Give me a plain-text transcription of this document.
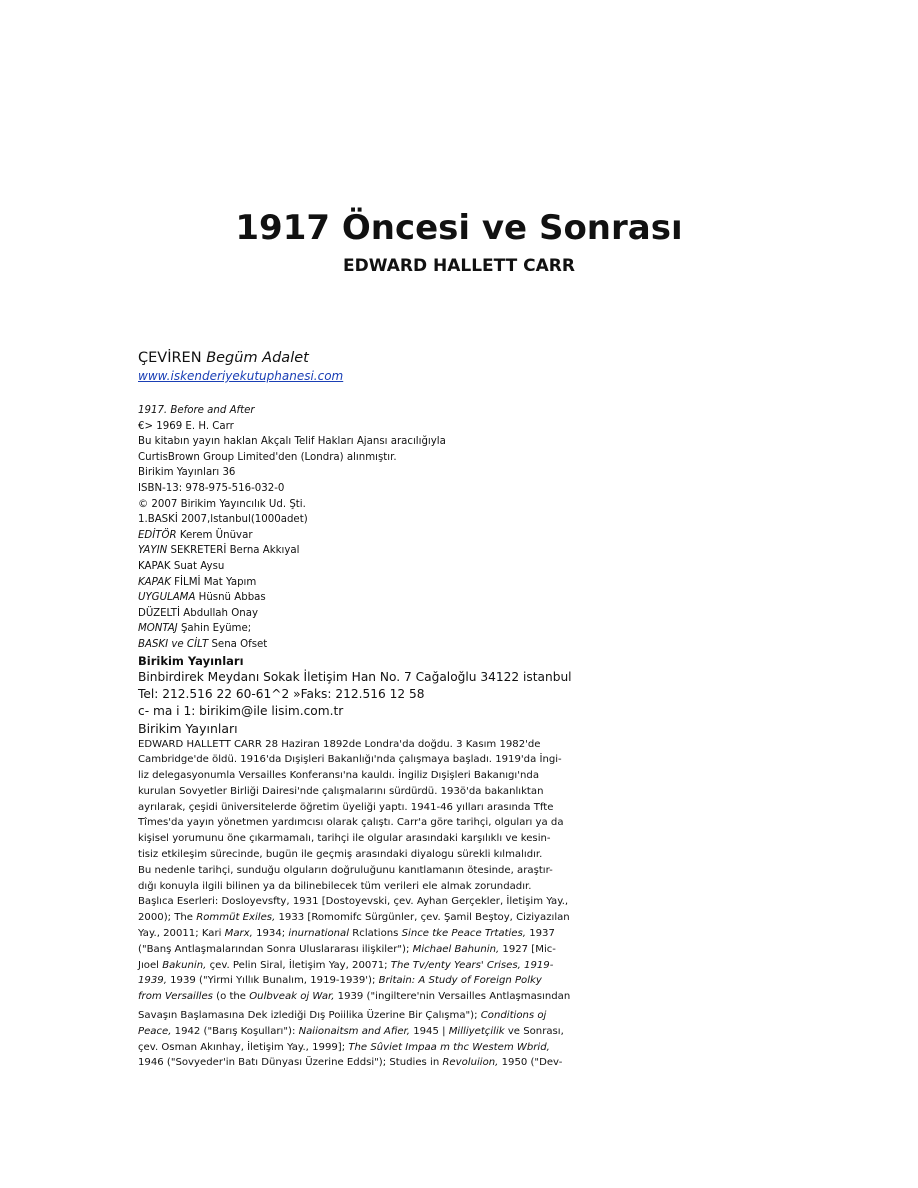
1917 Öncesi ve Sonrası
EDWARD HALLETT CARR
ÇEVİREN Begüm Adalet
www.iskenderiyekutuphanesi.com
1917. Before and After
€> 1969 E. H. Carr
Bu kitabın yayın haklan Akçalı Telif Hakları Ajansı aracılığıyla
CurtisBrown Group Limited'den (Londra) alınmıştır.
Birikim Yayınları 36
ISBN-13: 978-975-516-032-0
© 2007 Birikim Yayıncılık Ud. Şti.
1.BASKİ 2007,lstanbul(1000adet)
EDİTÖR Kerem Ünüvar
YAYIN SEKRETERİ Berna Akkıyal
KAPAK Suat Aysu
KAPAK FİLMİ Mat Yapım
UYGULAMA Hüsnü Abbas
DÜZELTİ Abdullah Onay
MONTAJ Şahin Eyüme;
BASKI ve CİLT Sena Ofset
Birikim Yayınları
Binbirdirek Meydanı Sokak İletişim Han No. 7 Cağaloğlu 34122 istanbul
Tel: 212.516 22 60-61^2 »Faks: 212.516 12 58
c- ma i 1: birikim@ile lisim.com.tr
Birikim Yayınları
EDWARD HALLETT CARR 28 Haziran 1892de Londra'da doğdu. 3 Kasım 1982'de
Cambridge'de öldü. 1916'da Dışişleri Bakanlığı'nda çalışmaya başladı. 1919'da İngi-
liz delegasyonumla Versailles Konferansı'na kauldı. İngiliz Dışişleri Bakanıgı'nda
kurulan Sovyetler Birliği Dairesi'nde çalışmalarını sürdürdü. 193ö'da bakanlıktan
ayrılarak, çeşidi üniversitelerde öğretim üyeliği yaptı. 1941-46 yılları arasında Tfte
Tîmes'da yayın yönetmen yardımcısı olarak çalıştı. Carr'a göre tarihçi, olguları ya da
kişisel yorumunu öne çıkarmamalı, tarihçi ile olgular arasındaki karşılıklı ve kesin-
tisiz etkileşim sürecinde, bugün ile geçmiş arasındaki diyalogu sürekli kılmalıdır.
Bu nedenle tarihçi, sunduğu olguların doğruluğunu kanıtlamanın ötesinde, araştır-
dığı konuyla ilgili bilinen ya da bilinebilecek tüm verileri ele almak zorundadır.
Başlıca Eserleri: Dosloyevsfty, 1931 [Dostoyevski, çev. Ayhan Gerçekler, İletişim Yay.,
2000); The Rommüt Exiles, 1933 [Romomifc Sürgünler, çev. Şamil Beştoy, Ciziyazılan
Yay., 20011; Kari Marx, 1934; inurnational Rclations Since tke Peace Trtaties, 1937
("Banş Antlaşmalarından Sonra Uluslararası ilişkiler"); Michael Bahunin, 1927 [Mic-
Jıoel Bakunin, çev. Pelin Siral, İletişim Yay, 20071; The Tv/enty Years' Crises, 1919-
1939, 1939 ("Yirmi Yıllık Bunalım, 1919-1939'); Britain: A Study of Foreign Polky
from Versailles (o the Oulbveak oj War, 1939 ("ingiltere'nin Versailles Antlaşmasından
Savaşın Başlamasına Dek izlediği Dış Poiilika Üzerine Bir Çalışma"); Conditions oj
Peace, 1942 ("Barış Koşulları"): Naiionaitsm and Afier, 1945 | Milliyetçilik ve Sonrası,
çev. Osman Akınhay, İletişim Yay., 1999]; The Sûviet Impaa m thc Westem Wbrid,
1946 ("Sovyeder'in Batı Dünyası Üzerine Eddsi"); Studies in Revoluiion, 1950 ("Dev-
